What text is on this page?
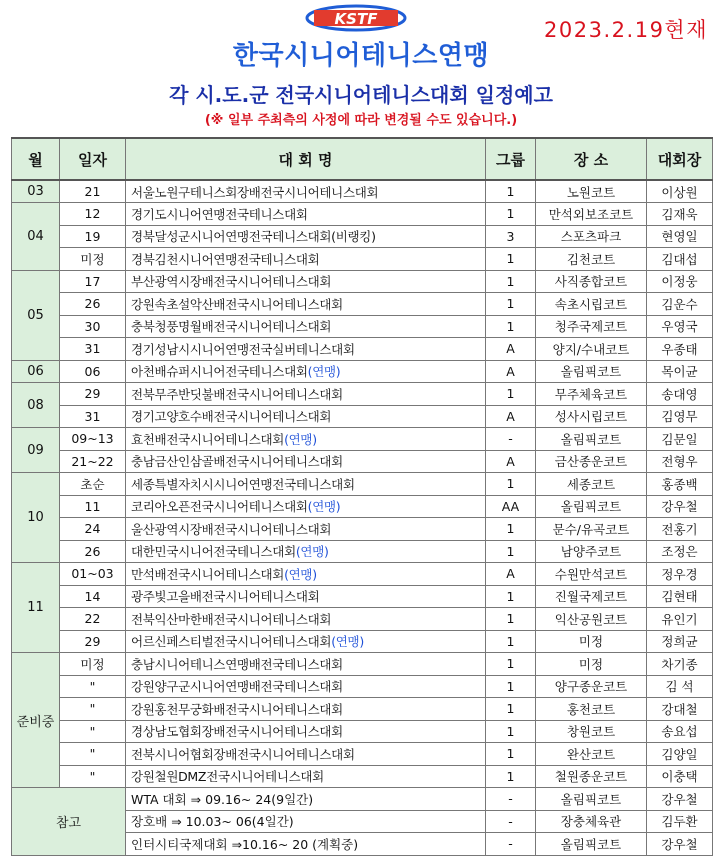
KSTF	2023.2.19현재
한국시니어테니스연맹
각 시.도.군 전국시니어테니스대회 일정예고
(※ 일부 주최측의 사정에 따라 변경될 수도 있습니다.)
월	일자	대 회 명	그룹	장 소	대회장
03	21	서울노원구테니스회장배전국시니어테니스대회	1	노원코트	이상원
04	12	경기도시니어연맹전국테니스대회	1	만석외보조코트	김재욱
	19	경북달성군시니어연맹전국테니스대회(비랭킹)	3	스포츠파크	현영일
	미정	경북김천시니어연맹전국테니스대회	1	김천코트	김대섭
05	17	부산광역시장배전국시니어테니스대회	1	사직종합코트	이정웅
	26	강원속초설악산배전국시니어테니스대회	1	속초시립코트	김운수
	30	충북청풍명월배전국시니어테니스대회	1	청주국제코트	우영국
	31	경기성남시시니어연맹전국실버테니스대회	A	양지/수내코트	우종태
06	06	아천배슈퍼시니어전국테니스대회(연맹)	A	올림픽코트	목이균
08	29	전북무주반딧불배전국시니어테니스대회	1	무주체육코트	송대영
	31	경기고양호수배전국시니어테니스대회	A	성사시립코트	김영무
09	09~13	효천배전국시니어테니스대회(연맹)	-	올림픽코트	김문일
	21~22	충남금산인삼골배전국시니어테니스대회	A	금산종운코트	전형우
10	초순	세종특별자치시시니어연맹전국테니스대회	1	세종코트	홍종백
	11	코리아오픈전국시니어테니스대회(연맹)	AA	올림픽코트	강우철
	24	울산광역시장배전국시니어테니스대회	1	문수/유곡코트	전홍기
	26	대한민국시니어전국테니스대회(연맹)	1	남양주코트	조정은
11	01~03	만석배전국시니어테니스대회(연맹)	A	수원만석코트	정우경
	14	광주빛고을배전국시니어테니스대회	1	진월국제코트	김현태
	22	전북익산마한배전국시니어테니스대회	1	익산공원코트	유인기
	29	어르신페스티벌전국시니어테니스대회(연맹)	1	미정	정희균
준비중	미정	충남시니어테니스연맹배전국테니스대회	1	미정	차기종
	"	강원양구군시니어연맹배전국테니스대회	1	양구종운코트	김 석
	"	강원홍천무궁화배전국시니어테니스대회	1	홍천코트	강대철
	"	경상남도협회장배전국시니어테니스대회	1	창원코트	송요섭
	"	전북시니어협회장배전국시니어테니스대회	1	완산코트	김양일
	"	강원철원DMZ전국시니어테니스대회	1	철원종운코트	이충택
참고		WTA 대회 ⇒ 09.16~ 24(9일간)	-	올림픽코트	강우철
		장호배 ⇒ 10.03~ 06(4일간)	-	장충체육관	김두환
		인터시티국제대회 ⇒10.16~ 20 (계획중)	-	올림픽코트	강우철
